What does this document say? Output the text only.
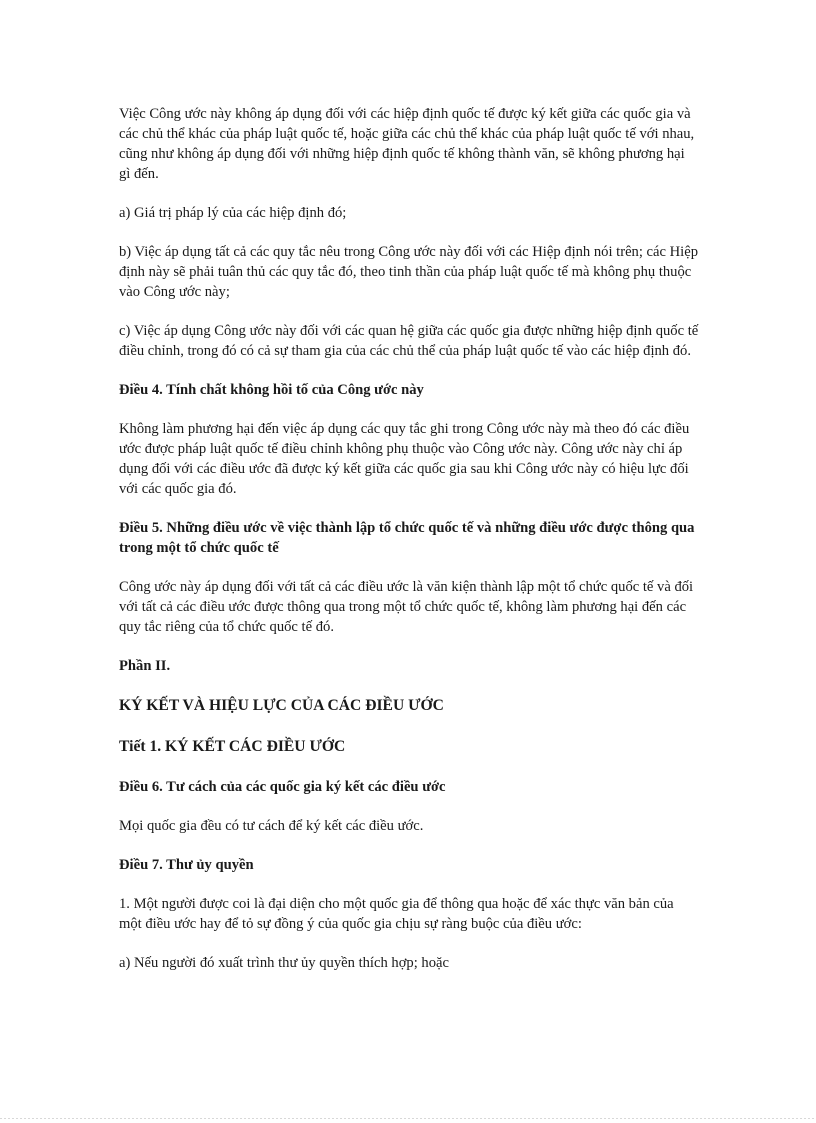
Việc Công ước này không áp dụng đối với các hiệp định quốc tế được ký kết giữa các quốc gia và các chủ thể khác của pháp luật quốc tế, hoặc giữa các chủ thể khác của pháp luật quốc tế với nhau, cũng như không áp dụng đối với những hiệp định quốc tế không thành văn, sẽ không phương hại gì đến.

a) Giá trị pháp lý của các hiệp định đó;

b) Việc áp dụng tất cả các quy tắc nêu trong Công ước này đối với các Hiệp định nói trên; các Hiệp định này sẽ phải tuân thủ các quy tắc đó, theo tinh thần của pháp luật quốc tế mà không phụ thuộc vào Công ước này;

c) Việc áp dụng Công ước này đối với các quan hệ giữa các quốc gia được những hiệp định quốc tế điều chỉnh, trong đó có cả sự tham gia của các chủ thể của pháp luật quốc tế vào các hiệp định đó.

Điều 4. Tính chất không hồi tố của Công ước này

Không làm phương hại đến việc áp dụng các quy tắc ghi trong Công ước này mà theo đó các điều ước được pháp luật quốc tế điều chỉnh không phụ thuộc vào Công ước này. Công ước này chỉ áp dụng đối với các điều ước đã được ký kết giữa các quốc gia sau khi Công ước này có hiệu lực đối với các quốc gia đó.

Điều 5. Những điều ước về việc thành lập tổ chức quốc tế và những điều ước được thông qua trong một tổ chức quốc tế

Công ước này áp dụng đối với tất cả các điều ước là văn kiện thành lập một tổ chức quốc tế và đối với tất cả các điều ước được thông qua trong một tổ chức quốc tế, không làm phương hại đến các quy tắc riêng của tổ chức quốc tế đó.

Phần II.

KÝ KẾT VÀ HIỆU LỰC CỦA CÁC ĐIỀU ƯỚC

Tiết 1. KÝ KẾT CÁC ĐIỀU ƯỚC

Điều 6. Tư cách của các quốc gia ký kết các điều ước

Mọi quốc gia đều có tư cách để ký kết các điều ước.

Điều 7. Thư ủy quyền

1. Một người được coi là đại diện cho một quốc gia để thông qua hoặc để xác thực văn bản của một điều ước hay để tỏ sự đồng ý của quốc gia chịu sự ràng buộc của điều ước:

a) Nếu người đó xuất trình thư ủy quyền thích hợp; hoặc
